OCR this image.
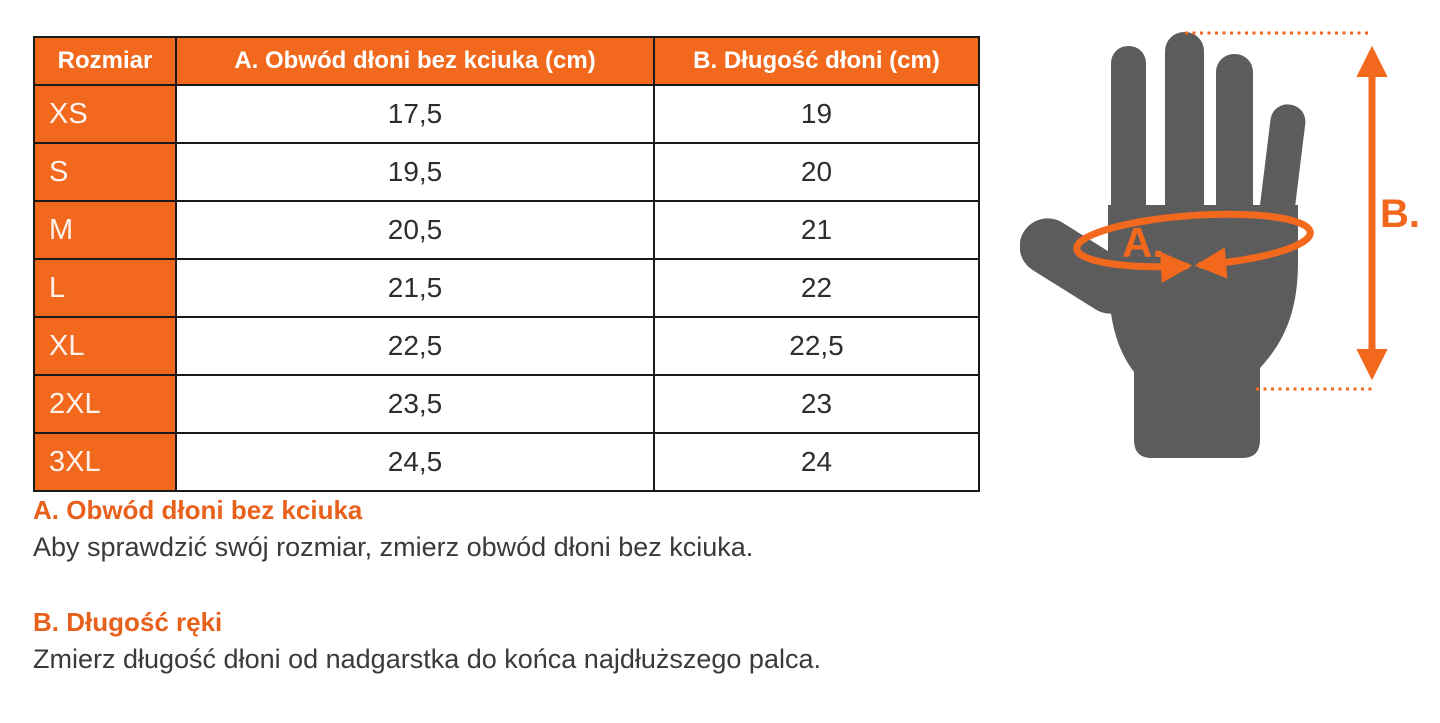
Rozmiar	A. Obwód dłoni bez kciuka (cm)	B. Długość dłoni (cm)
XS	17,5	19
S	19,5	20
M	20,5	21
L	21,5	22
XL	22,5	22,5
2XL	23,5	23
3XL	24,5	24

A. Obwód dłoni bez kciuka

Aby sprawdzić swój rozmiar, zmierz obwód dłoni bez kciuka.

B. Długość ręki

Zmierz długość dłoni od nadgarstka do końca najdłuższego palca.

A.
B.
